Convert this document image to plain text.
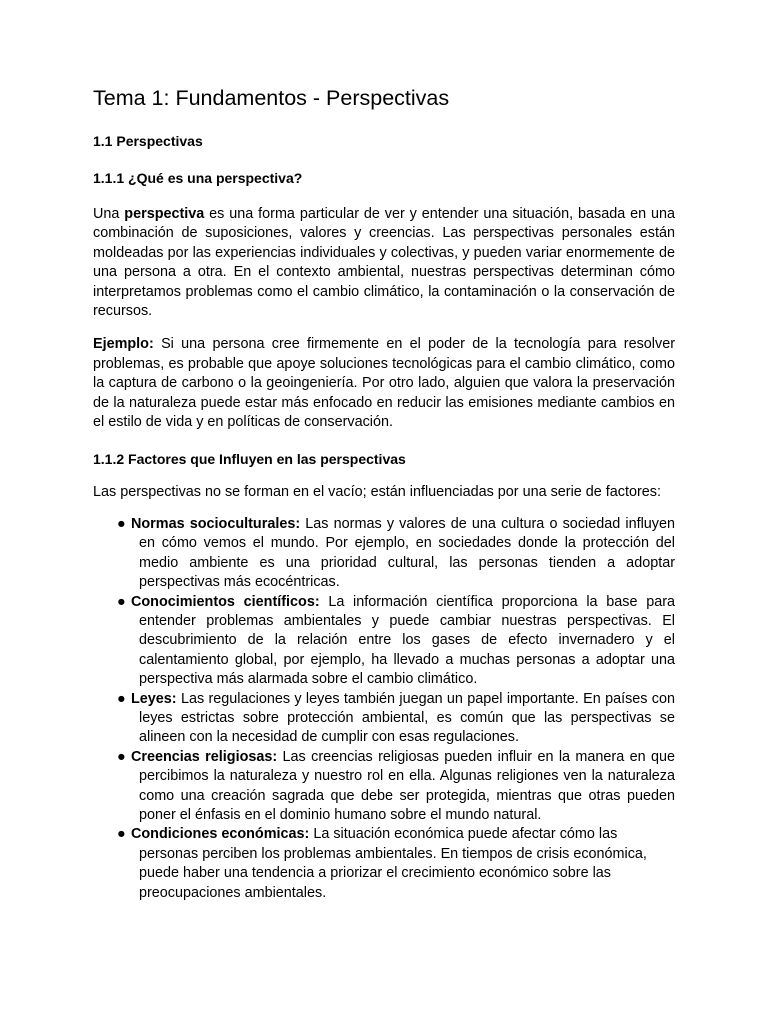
Tema 1: Fundamentos - Perspectivas
1.1 Perspectivas
1.1.1 ¿Qué es una perspectiva?

Una perspectiva es una forma particular de ver y entender una situación, basada en una combinación de suposiciones, valores y creencias. Las perspectivas personales están moldeadas por las experiencias individuales y colectivas, y pueden variar enormemente de una persona a otra. En el contexto ambiental, nuestras perspectivas determinan cómo interpretamos problemas como el cambio climático, la contaminación o la conservación de recursos.

Ejemplo: Si una persona cree firmemente en el poder de la tecnología para resolver problemas, es probable que apoye soluciones tecnológicas para el cambio climático, como la captura de carbono o la geoingeniería. Por otro lado, alguien que valora la preservación de la naturaleza puede estar más enfocado en reducir las emisiones mediante cambios en el estilo de vida y en políticas de conservación.

1.1.2 Factores que Influyen en las perspectivas

Las perspectivas no se forman en el vacío; están influenciadas por una serie de factores:

● Normas socioculturales: Las normas y valores de una cultura o sociedad influyen en cómo vemos el mundo. Por ejemplo, en sociedades donde la protección del medio ambiente es una prioridad cultural, las personas tienden a adoptar perspectivas más ecocéntricas.
● Conocimientos científicos: La información científica proporciona la base para entender problemas ambientales y puede cambiar nuestras perspectivas. El descubrimiento de la relación entre los gases de efecto invernadero y el calentamiento global, por ejemplo, ha llevado a muchas personas a adoptar una perspectiva más alarmada sobre el cambio climático.
● Leyes: Las regulaciones y leyes también juegan un papel importante. En países con leyes estrictas sobre protección ambiental, es común que las perspectivas se alineen con la necesidad de cumplir con esas regulaciones.
● Creencias religiosas: Las creencias religiosas pueden influir en la manera en que percibimos la naturaleza y nuestro rol en ella. Algunas religiones ven la naturaleza como una creación sagrada que debe ser protegida, mientras que otras pueden poner el énfasis en el dominio humano sobre el mundo natural.
● Condiciones económicas: La situación económica puede afectar cómo las personas perciben los problemas ambientales. En tiempos de crisis económica, puede haber una tendencia a priorizar el crecimiento económico sobre las preocupaciones ambientales.
